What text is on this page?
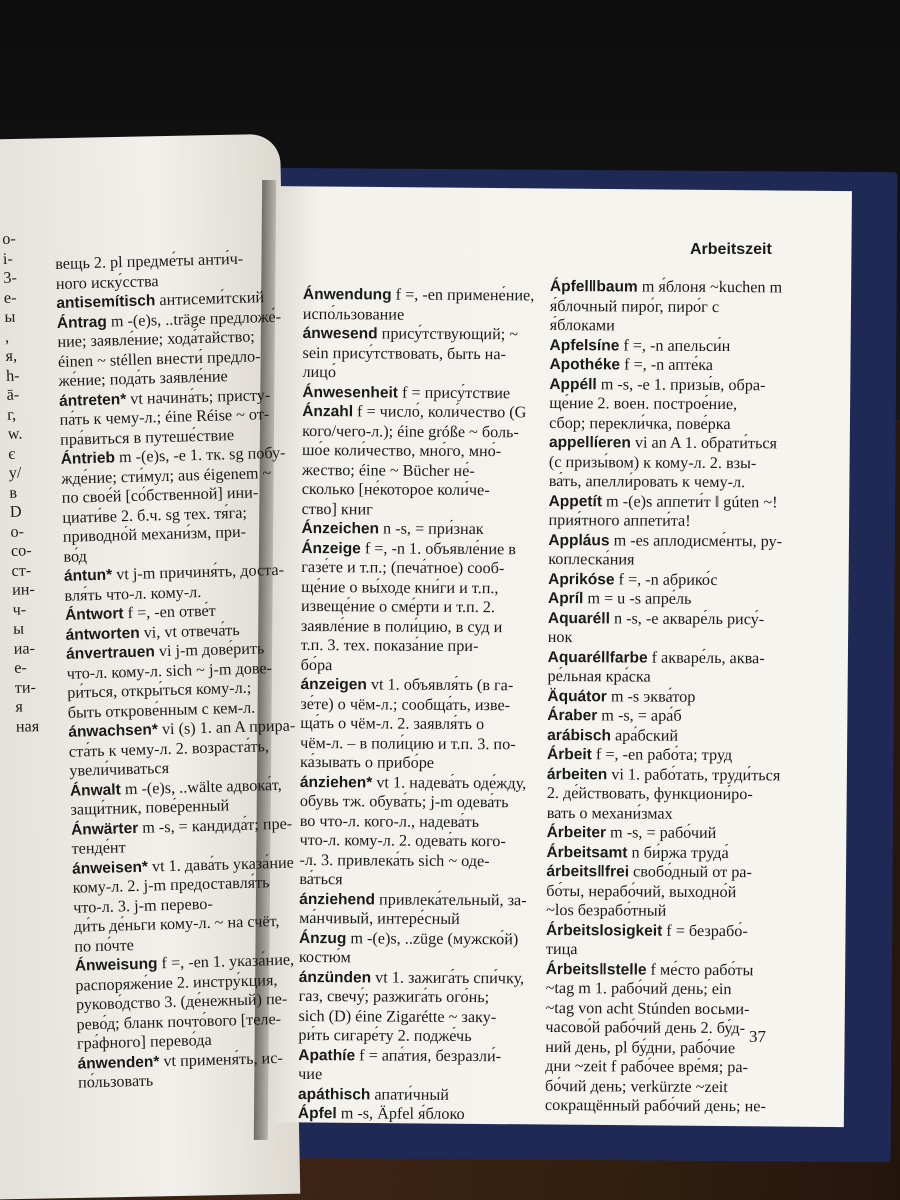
o-
i-
3-
e-
ы
,
я,
h-
ā-
г,
w.
є
у/
в
D
о-
со-
ст-
ин-
ч-
ы
иа-
е-
ти-
я
ная
вещь 2. pl предме́ты анти́ч-
ного иску́сства
antisemítisch антисеми́тский
Ántrag m -(e)s, ..träge предложе́-
ние; заявле́ние; хода́тайство;
éinen ~ stéllen внести́ предло-
же́ние; пода́ть заявле́ние
ántreten* vt начина́ть; присту-
па́ть к чему-л.; éine Réise ~ от-
пра́виться в путеше́ствие
Ántrieb m -(e)s, -e 1. тк. sg побу-
жде́ние; сти́мул; aus éigenem ~
по свое́й [со́бственной] ини-
циати́ве 2. б.ч. sg тех. тя́га;
приводно́й механи́зм, при-
во́д
ántun* vt j-m причиня́ть, доста-
вля́ть что-л. кому-л.
Ántwort f =, -en отве́т
ántworten vi, vt отвеча́ть
ánvertrauen vi j-m дове́рить
что-л. кому-л. sich ~ j-m дове-
ри́ться, откры́ться кому-л.;
быть открове́нным с кем-л.
ánwachsen* vi (s) 1. an A прира-
ста́ть к чему-л. 2. возраста́ть,
увели́чиваться
Ánwalt m -(e)s, ..wälte адвока́т,
защи́тник, пове́ренный
Ánwärter m -s, = кандида́т; пре-
тенде́нт
ánweisen* vt 1. дава́ть указа́ние
кому-л. 2. j-m предоставля́ть
что-л. 3. j-m перево-
ди́ть де́ньги кому-л. ~ на счёт,
по по́чте
Ánweisung f =, -en 1. указа́ние,
распоряже́ние 2. инстру́кция,
руково́дство 3. (де́нежный) пе-
рево́д; бланк почто́вого [теле-
гра́фного] перево́да
ánwenden* vt применя́ть, ис-
по́льзовать
Ánwendung f =, -en примене́ние,
испо́льзование
ánwesend прису́тствующий; ~
sein прису́тствовать, быть на-
лицо́
Ánwesenheit f = прису́тствие
Ánzahl f = число́, коли́чество (G
кого/чего-л.); éine gróße ~ боль-
шо́е коли́чество, мно́го, мно́-
жество; éine ~ Bücher не́-
сколько [не́которое коли́че-
ство] книг
Ánzeichen n -s, = при́знак
Ánzeige f =, -n 1. объявле́ние в
газе́те и т.п.; (печа́тное) сооб-
ще́ние о вы́ходе кни́ги и т.п.,
извеще́ние о сме́рти и т.п. 2.
заявле́ние в поли́цию, в суд и
т.п. 3. тех. показа́ние при-
бо́ра
ánzeigen vt 1. объявля́ть (в га-
зе́те) о чём-л.; сообща́ть, изве-
ща́ть о чём-л. 2. заявля́ть о
чём-л. – в поли́цию и т.п. 3. по-
ка́зывать о прибо́ре
ánziehen* vt 1. надева́ть оде́жду,
обувь тж. обува́ть; j-m одева́ть
во что-л. кого-л., надева́ть
что-л. кому-л. 2. одева́ть кого-
-л. 3. привлека́ть sich ~ оде-
ва́ться
ánziehend привлека́тельный, за-
ма́нчивый, интере́сный
Ánzug m -(e)s, ..züge (мужско́й)
костю́м
ánzünden vt 1. зажига́ть спи́чку,
газ, свечу́; разжига́ть ого́нь;
sich (D) éine Zigarétte ~ заку-
ри́ть сигаре́ту 2. подже́чь
Apathíe f = апа́тия, безразли́-
чие
apáthisch апати́чный
Ápfel m -s, Äpfel я́блоко
Ápfel‖baum m я́блоня ~kuchen m
я́блочный пиро́г, пиро́г с
я́блоками
Apfelsíne f =, -n апельси́н
Apothéke f =, -n апте́ка
Appéll m -s, -e 1. призы́в, обра-
ще́ние 2. воен. построе́ние,
сбор; перекли́чка, пове́рка
appellíeren vi an A 1. обрати́ться
(с призы́вом) к кому-л. 2. взы-
ва́ть, апелли́ровать к чему-л.
Appetít m -(e)s аппети́т ‖ gúten ~!
прия́тного аппети́та!
Appláus m -es аплодисме́нты, ру-
коплеска́ния
Aprikóse f =, -n абрико́с
Apríl m = u -s апре́ль
Aquaréll n -s, -e акваре́ль рису́-
нок
Aquaréllfarbe f акваре́ль, аква-
ре́льная кра́ска
Äquátor m -s эква́тор
Áraber m -s, = ара́б
arábisch ара́бский
Árbeit f =, -en рабо́та; труд
árbeiten vi 1. рабо́тать, труди́ться
2. де́йствовать, функциони́ро-
вать о механи́змах
Árbeiter m -s, = рабо́чий
Árbeitsamt n би́ржа труда́
árbeits‖frei свобо́дный от ра-
бо́ты, нерабо́чий, выходно́й
~los безрабо́тный
Árbeitslosigkeit f = безрабо́-
тица
Árbeits‖stelle f ме́сто рабо́ты
~tag m 1. рабо́чий день; ein
~tag von acht Stúnden восьми-
часово́й рабо́чий день 2. бу́д-
ний день, pl бу́дни, рабо́чие
дни ~zeit f рабо́чее вре́мя; ра-
бо́чий день; verkürzte ~zeit
сокращённый рабо́чий день; не-
Arbeitszeit
37
